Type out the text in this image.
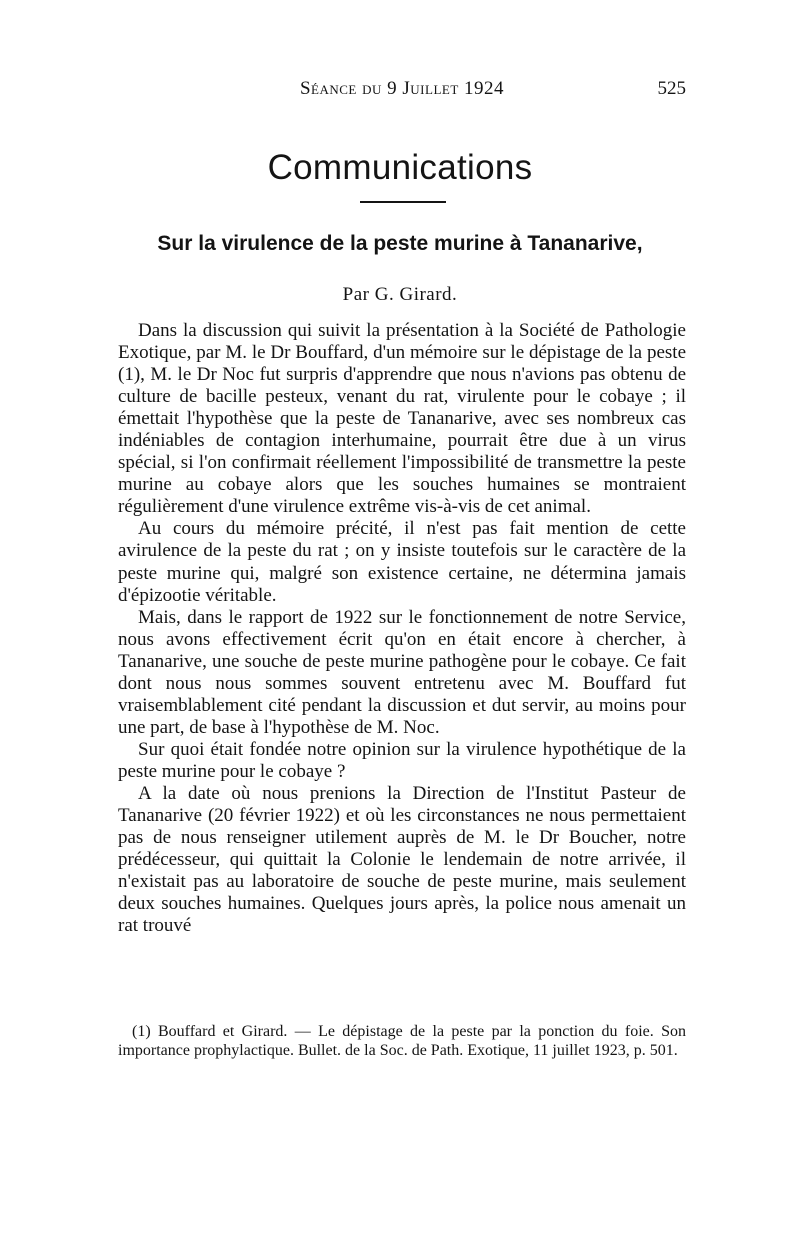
Séance du 9 Juillet 1924	525
Communications
Sur la virulence de la peste murine à Tananarive,
Par G. Girard.

Dans la discussion qui suivit la présentation à la Société de Pathologie Exotique, par M. le Dr Bouffard, d'un mémoire sur le dépistage de la peste (1), M. le Dr Noc fut surpris d'apprendre que nous n'avions pas obtenu de culture de bacille pesteux, venant du rat, virulente pour le cobaye ; il émettait l'hypothèse que la peste de Tananarive, avec ses nombreux cas indéniables de contagion interhumaine, pourrait être due à un virus spécial, si l'on confirmait réellement l'impossibilité de transmettre la peste murine au cobaye alors que les souches humaines se montraient régulièrement d'une virulence extrême vis-à-vis de cet animal.

Au cours du mémoire précité, il n'est pas fait mention de cette avirulence de la peste du rat ; on y insiste toutefois sur le caractère de la peste murine qui, malgré son existence certaine, ne détermina jamais d'épizootie véritable.

Mais, dans le rapport de 1922 sur le fonctionnement de notre Service, nous avons effectivement écrit qu'on en était encore à chercher, à Tananarive, une souche de peste murine pathogène pour le cobaye. Ce fait dont nous nous sommes souvent entretenu avec M. Bouffard fut vraisemblablement cité pendant la discussion et dut servir, au moins pour une part, de base à l'hypothèse de M. Noc.

Sur quoi était fondée notre opinion sur la virulence hypothétique de la peste murine pour le cobaye ?

A la date où nous prenions la Direction de l'Institut Pasteur de Tananarive (20 février 1922) et où les circonstances ne nous permettaient pas de nous renseigner utilement auprès de M. le Dr Boucher, notre prédécesseur, qui quittait la Colonie le lendemain de notre arrivée, il n'existait pas au laboratoire de souche de peste murine, mais seulement deux souches humaines. Quelques jours après, la police nous amenait un rat trouvé

(1) Bouffard et Girard. — Le dépistage de la peste par la ponction du foie. Son importance prophylactique. Bullet. de la Soc. de Path. Exotique, 11 juillet 1923, p. 501.
